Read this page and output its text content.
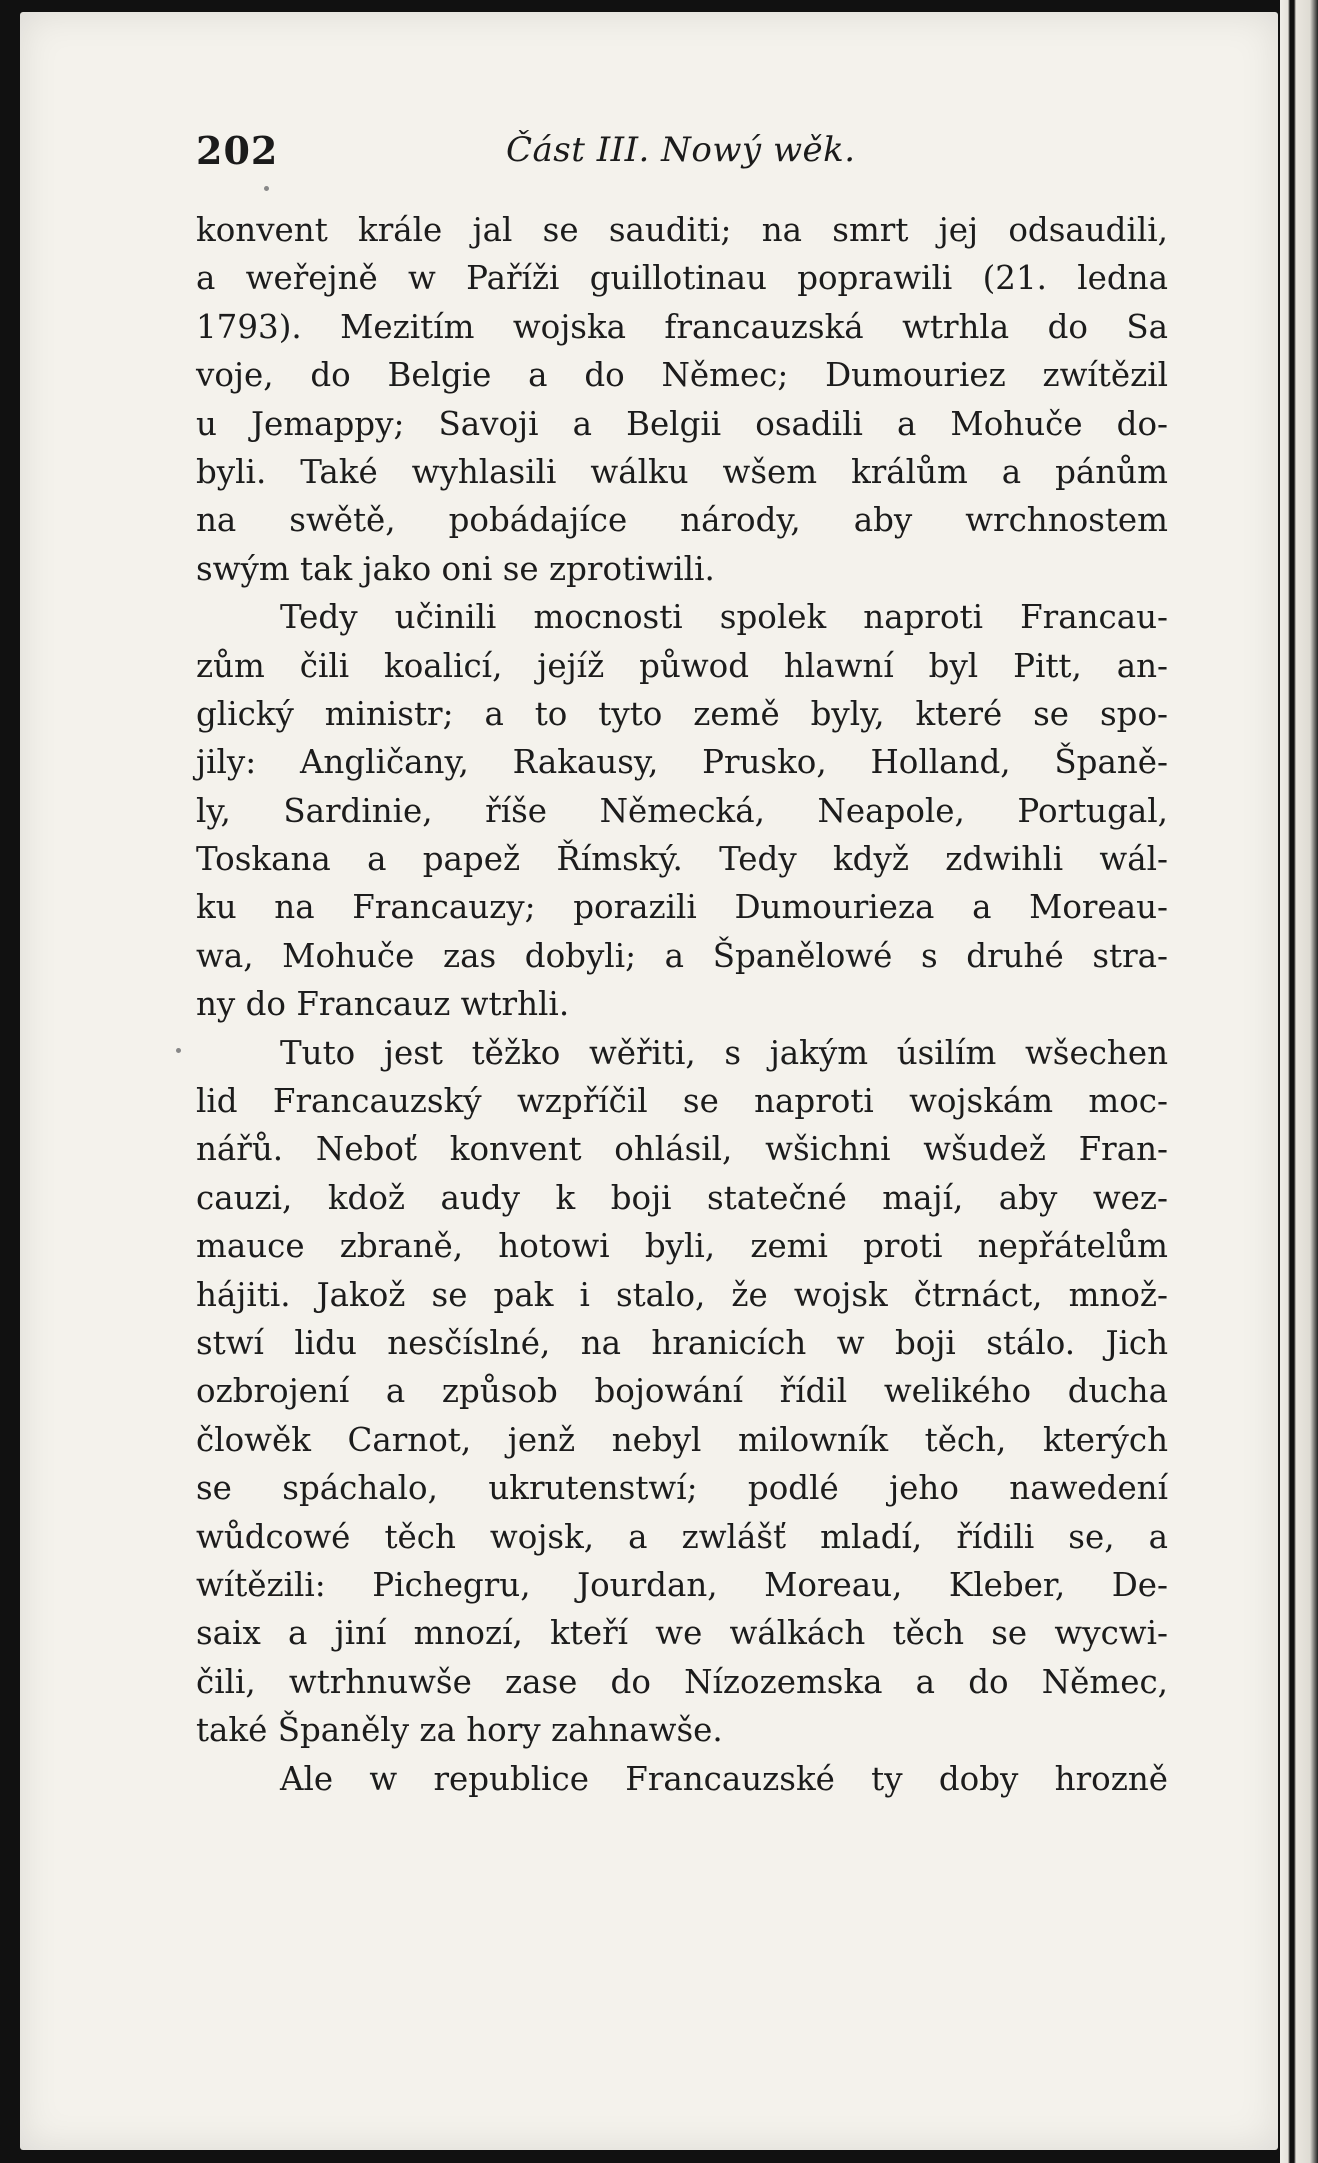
202	Část III. Nowý wěk.
konvent krále jal se sauditi; na smrt jej odsaudili,
a weřejně w Paříži guillotinau poprawili (21. ledna
1793). Mezitím wojska francauzská wtrhla do Sa
voje, do Belgie a do Němec; Dumouriez zwítězil
u Jemappy; Savoji a Belgii osadili a Mohuče do-
byli. Také wyhlasili wálku wšem králům a pánům
na swětě, pobádajíce národy, aby wrchnostem
swým tak jako oni se zprotiwili.
Tedy učinili mocnosti spolek naproti Francau-
zům čili koalicí, jejíž půwod hlawní byl Pitt, an-
glický ministr; a to tyto země byly, které se spo-
jily: Angličany, Rakausy, Prusko, Holland, Španě-
ly, Sardinie, říše Německá, Neapole, Portugal,
Toskana a papež Římský. Tedy když zdwihli wál-
ku na Francauzy; porazili Dumourieza a Moreau-
wa, Mohuče zas dobyli; a Španělowé s druhé stra-
ny do Francauz wtrhli.
Tuto jest těžko wěřiti, s jakým úsilím wšechen
lid Francauzský wzpříčil se naproti wojskám moc-
nářů. Neboť konvent ohlásil, wšichni wšudež Fran-
cauzi, kdož audy k boji statečné mají, aby wez-
mauce zbraně, hotowi byli, zemi proti nepřátelům
hájiti. Jakož se pak i stalo, že wojsk čtrnáct, množ-
stwí lidu nesčíslné, na hranicích w boji stálo. Jich
ozbrojení a způsob bojowání řídil welikého ducha
člowěk Carnot, jenž nebyl milowník těch, kterých
se spáchalo, ukrutenstwí; podlé jeho nawedení
wůdcowé těch wojsk, a zwlášť mladí, řídili se, a
wítězili: Pichegru, Jourdan, Moreau, Kleber, De-
saix a jiní mnozí, kteří we wálkách těch se wycwi-
čili, wtrhnuwše zase do Nízozemska a do Němec,
také Španěly za hory zahnawše.
Ale w republice Francauzské ty doby hrozně
